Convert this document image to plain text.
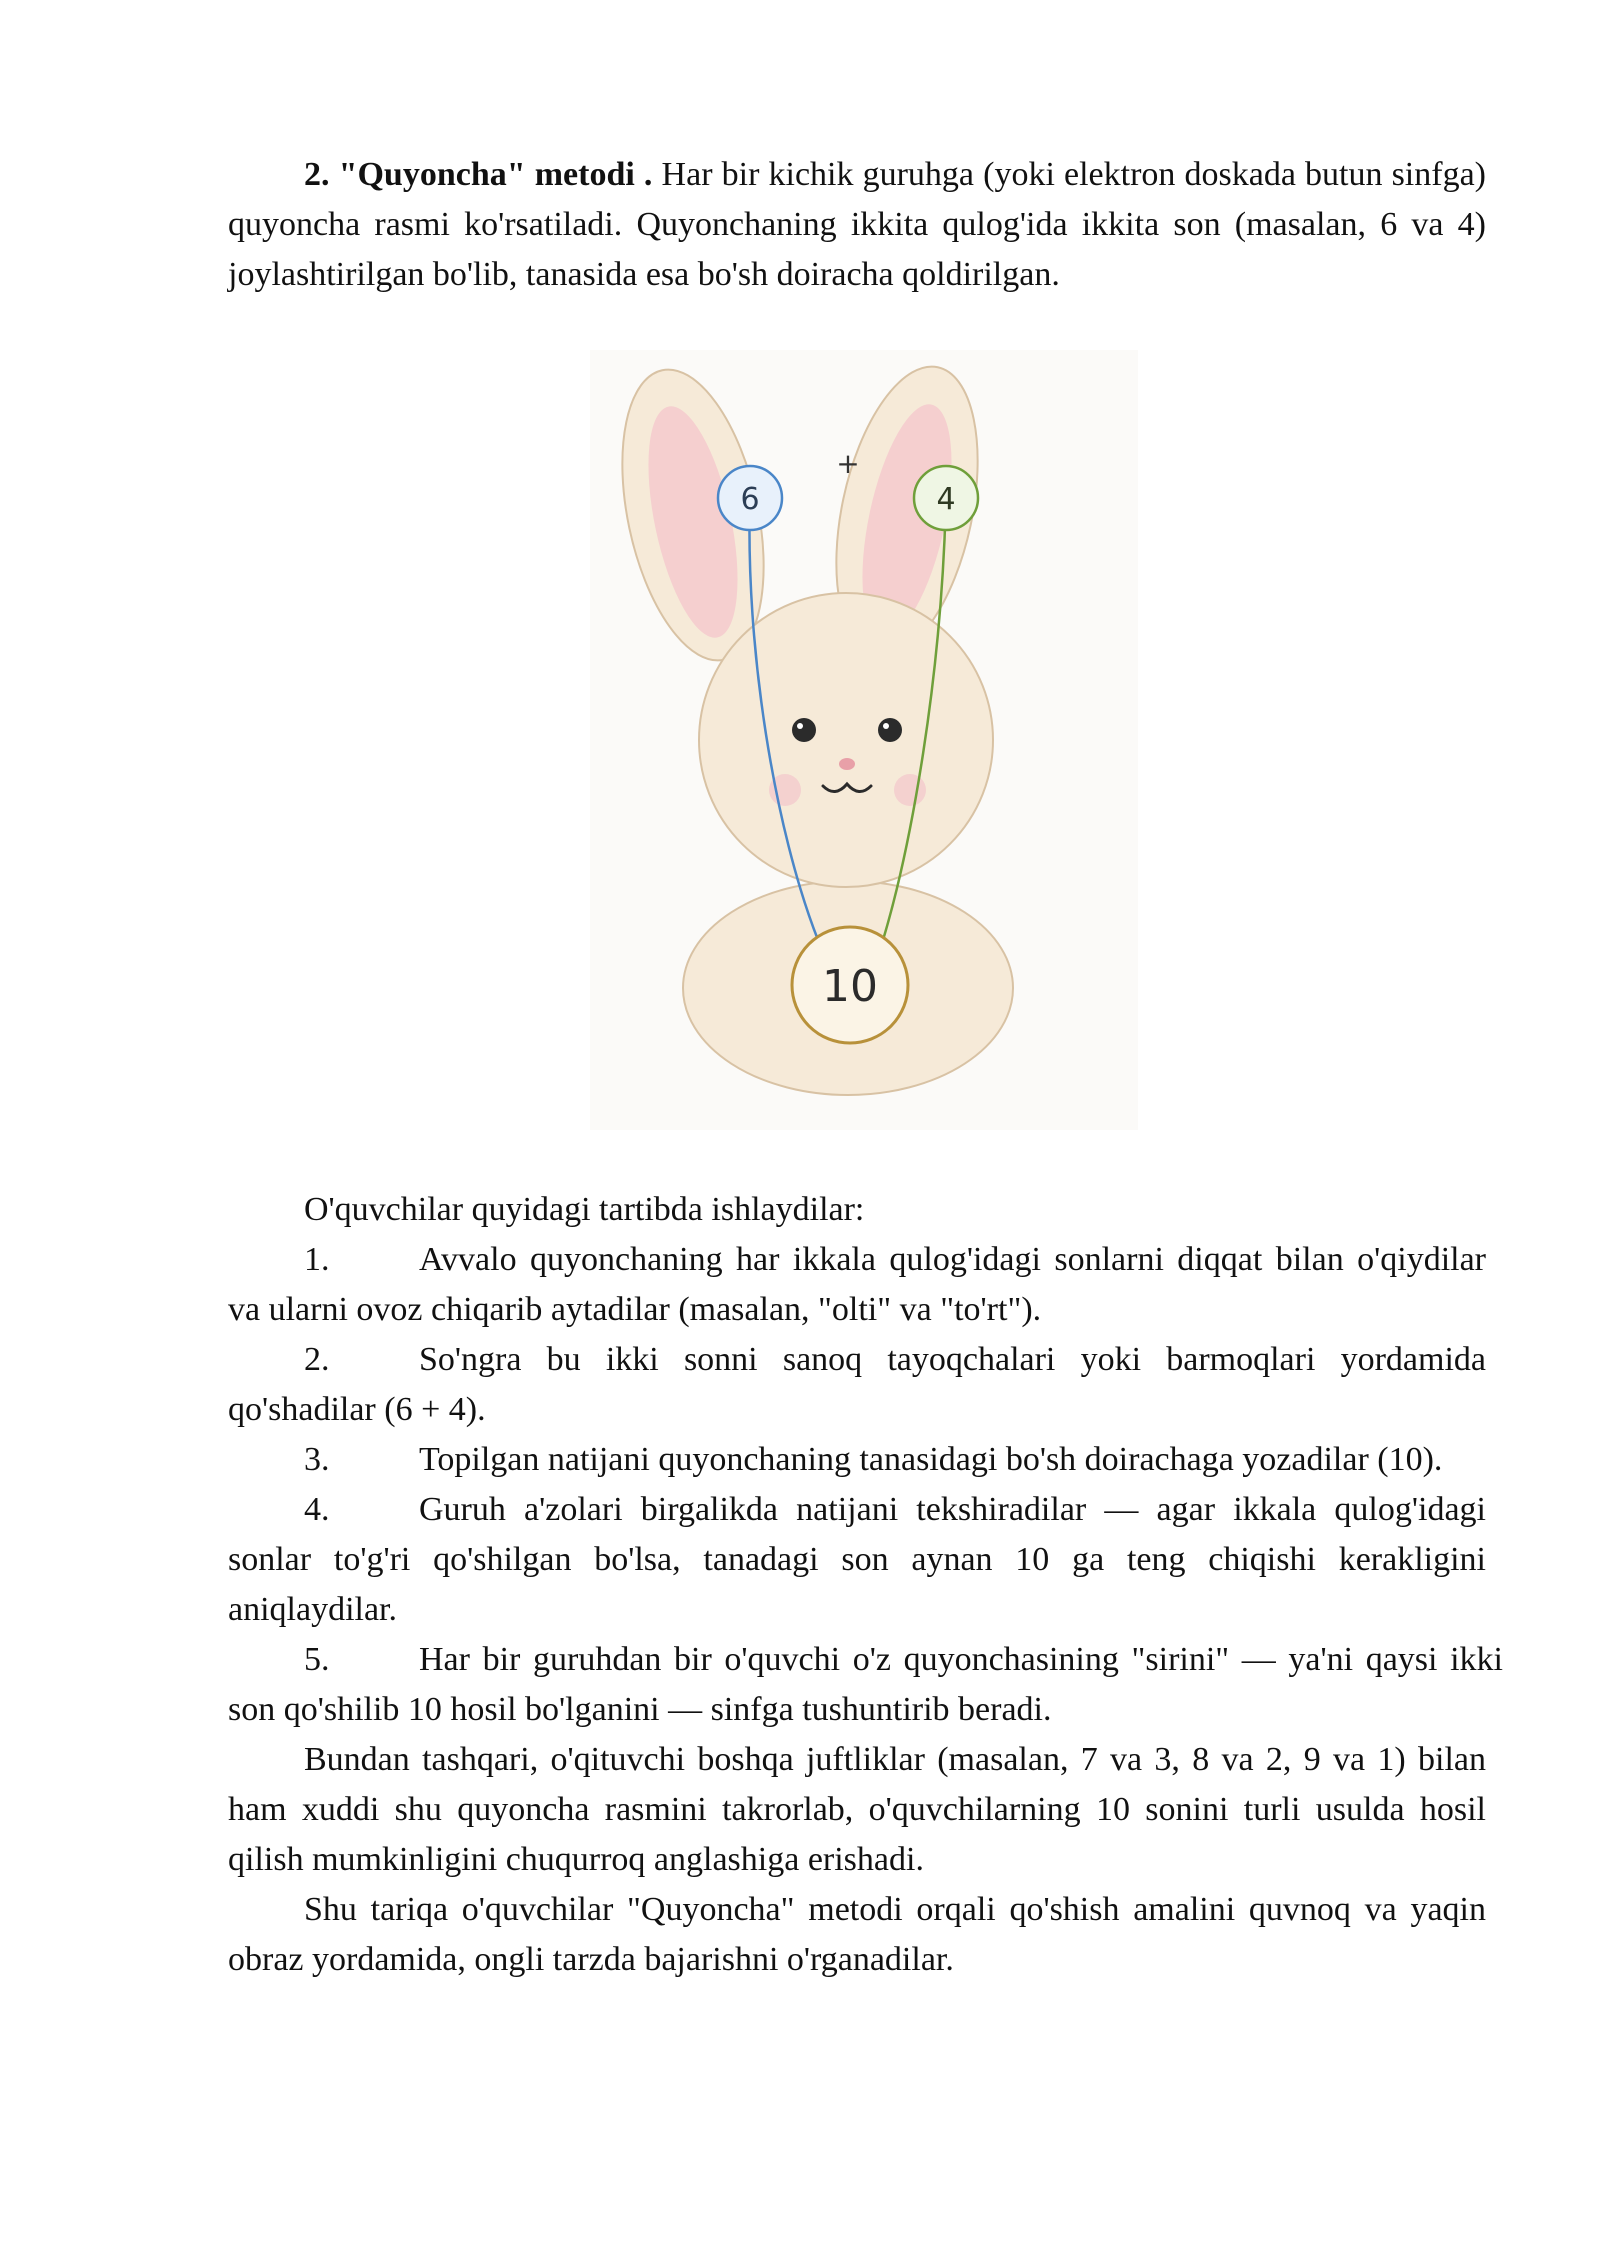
2. "Quyoncha" metodi . Har bir kichik guruhga (yoki elektron doskada butun sinfga) quyoncha rasmi ko'rsatiladi. Quyonchaning ikkita qulog'ida ikkita son (masalan, 6 va 4) joylashtirilgan bo'lib, tanasida esa bo'sh doiracha qoldirilgan.

+
6	4
10

O'quvchilar quyidagi tartibda ishlaydilar:

1.	Avvalo quyonchaning har ikkala qulog'idagi sonlarni diqqat bilan o'qiydilar va ularni ovoz chiqarib aytadilar (masalan, "olti" va "to'rt").

2.	So'ngra bu ikki sonni sanoq tayoqchalari yoki barmoqlari yordamida qo'shadilar (6 + 4).

3.	Topilgan natijani quyonchaning tanasidagi bo'sh doirachaga yozadilar (10).

4.	Guruh a'zolari birgalikda natijani tekshiradilar — agar ikkala qulog'idagi sonlar to'g'ri qo'shilgan bo'lsa, tanadagi son aynan 10 ga teng chiqishi kerakligini aniqlaydilar.

5.	Har bir guruhdan bir o'quvchi o'z quyonchasining "sirini" — ya'ni qaysi ikki son qo'shilib 10 hosil bo'lganini — sinfga tushuntirib beradi.

Bundan tashqari, o'qituvchi boshqa juftliklar (masalan, 7 va 3, 8 va 2, 9 va 1) bilan ham xuddi shu quyoncha rasmini takrorlab, o'quvchilarning 10 sonini turli usulda hosil qilish mumkinligini chuqurroq anglashiga erishadi.

Shu tariqa o'quvchilar "Quyoncha" metodi orqali qo'shish amalini quvnoq va yaqin obraz yordamida, ongli tarzda bajarishni o'rganadilar.
